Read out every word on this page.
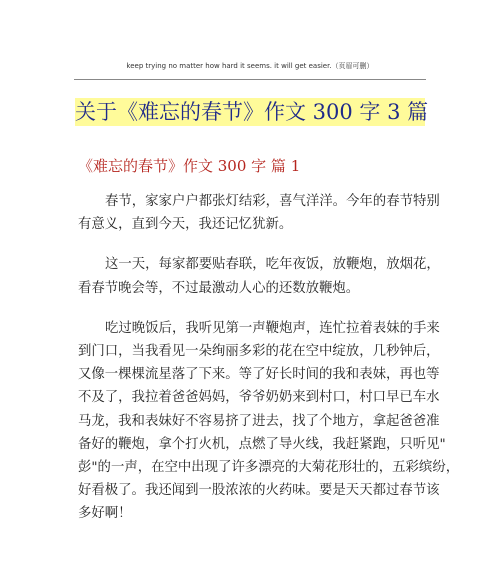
keep trying no matter how hard it seems. it will get easier.（页眉可删）
关于《难忘的春节》作文 300 字 3 篇
《难忘的春节》作文 300 字 篇 1

春节，家家户户都张灯结彩，喜气洋洋。今年的春节特别
有意义，直到今天，我还记忆犹新。

这一天，每家都要贴春联，吃年夜饭，放鞭炮，放烟花，
看春节晚会等，不过最激动人心的还数放鞭炮。

吃过晚饭后，我听见第一声鞭炮声，连忙拉着表妹的手来
到门口，当我看见一朵绚丽多彩的花在空中绽放，几秒钟后，
又像一棵棵流星落了下来。等了好长时间的我和表妹，再也等
不及了，我拉着爸爸妈妈，爷爷奶奶来到村口，村口早已车水
马龙，我和表妹好不容易挤了进去，找了个地方，拿起爸爸准
备好的鞭炮，拿个打火机，点燃了导火线，我赶紧跑，只听见"
彭"的一声，在空中出现了许多漂亮的大菊花形壮的，五彩缤纷，
好看极了。我还闻到一股浓浓的火药味。要是天天都过春节该
多好啊！
